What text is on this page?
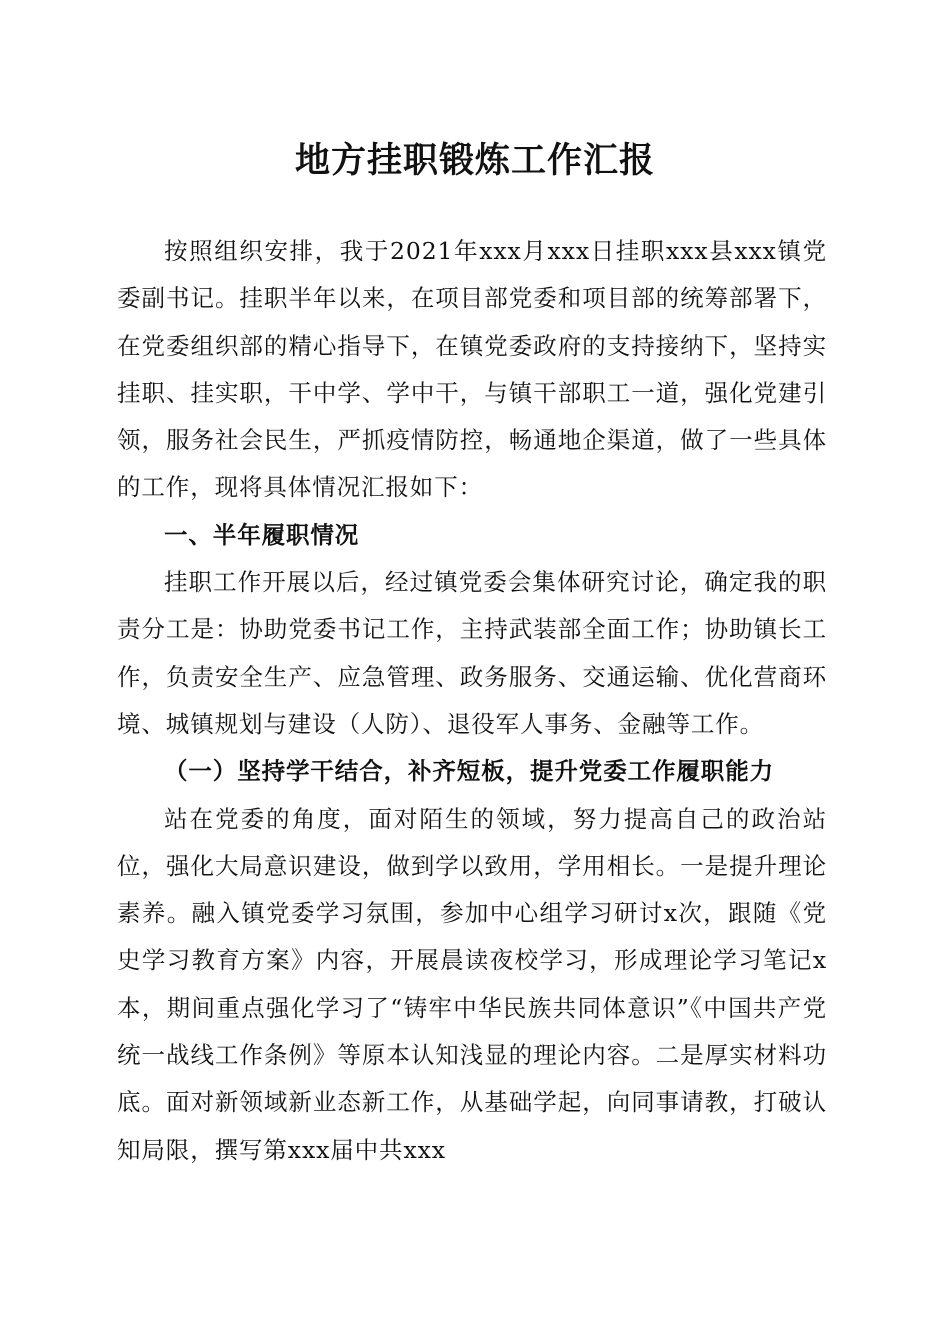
地方挂职锻炼工作汇报

按照组织安排，我于2021年xxx月xxx日挂职xxx县xxx镇党委副书记。挂职半年以来，在项目部党委和项目部的统筹部署下，在党委组织部的精心指导下，在镇党委政府的支持接纳下，坚持实挂职、挂实职，干中学、学中干，与镇干部职工一道，强化党建引领，服务社会民生，严抓疫情防控，畅通地企渠道，做了一些具体的工作，现将具体情况汇报如下：

一、半年履职情况

挂职工作开展以后，经过镇党委会集体研究讨论，确定我的职责分工是：协助党委书记工作，主持武装部全面工作；协助镇长工作，负责安全生产、应急管理、政务服务、交通运输、优化营商环境、城镇规划与建设（人防）、退役军人事务、金融等工作。

（一）坚持学干结合，补齐短板，提升党委工作履职能力

站在党委的角度，面对陌生的领域，努力提高自己的政治站位，强化大局意识建设，做到学以致用，学用相长。一是提升理论素养。融入镇党委学习氛围，参加中心组学习研讨x次，跟随《党史学习教育方案》内容，开展晨读夜校学习，形成理论学习笔记x本，期间重点强化学习了“铸牢中华民族共同体意识”《中国共产党统一战线工作条例》等原本认知浅显的理论内容。二是厚实材料功底。面对新领域新业态新工作，从基础学起，向同事请教，打破认知局限，撰写第xxx届中共xxx
